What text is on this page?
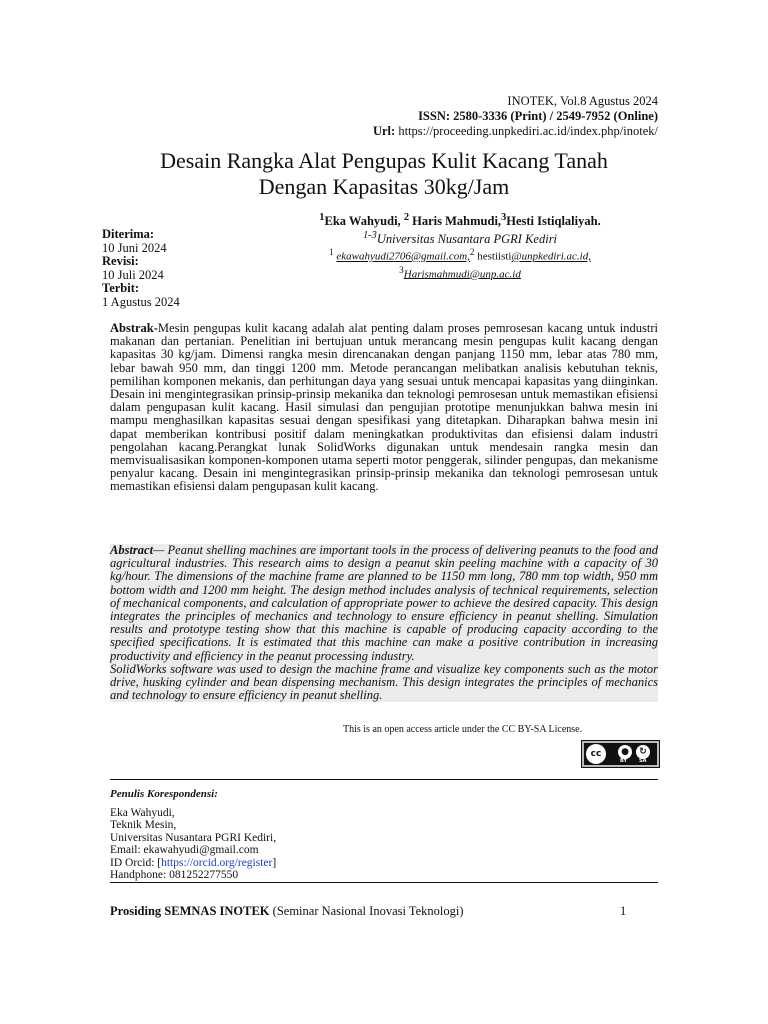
INOTEK, Vol.8 Agustus 2024
ISSN: 2580-3336 (Print) / 2549-7952 (Online)
Url: https://proceeding.unpkediri.ac.id/index.php/inotek/
Desain Rangka Alat Pengupas Kulit Kacang Tanah
Dengan Kapasitas 30kg/Jam
$^1$Eka Wahyudi, $^2$ Haris Mahmudi,$^3$Hesti Istiqlaliyah.
$^{1-3}$Universitas Nusantara PGRI Kediri
$^1$ ekawahyudi2706@gmail.com,$^2$ hestiisti@unpkediri.ac.id,
$^3$Harismahmudi@unp.ac.id
Diterima:
10 Juni 2024
Revisi:
10 Juli 2024
Terbit:
1 Agustus 2024
Abstrak-Mesin pengupas kulit kacang adalah alat penting dalam proses pemrosesan kacang untuk industri makanan dan pertanian. Penelitian ini bertujuan untuk merancang mesin pengupas kulit kacang dengan kapasitas 30 kg/jam. Dimensi rangka mesin direncanakan dengan panjang 1150 mm, lebar atas 780 mm, lebar bawah 950 mm, dan tinggi 1200 mm. Metode perancangan melibatkan analisis kebutuhan teknis, pemilihan komponen mekanis, dan perhitungan daya yang sesuai untuk mencapai kapasitas yang diinginkan. Desain ini mengintegrasikan prinsip-prinsip mekanika dan teknologi pemrosesan untuk memastikan efisiensi dalam pengupasan kulit kacang. Hasil simulasi dan pengujian prototipe menunjukkan bahwa mesin ini mampu menghasilkan kapasitas sesuai dengan spesifikasi yang ditetapkan. Diharapkan bahwa mesin ini dapat memberikan kontribusi positif dalam meningkatkan produktivitas dan efisiensi dalam industri pengolahan kacang.Perangkat lunak SolidWorks digunakan untuk mendesain rangka mesin dan memvisualisasikan komponen-komponen utama seperti motor penggerak, silinder pengupas, dan mekanisme penyalur kacang. Desain ini mengintegrasikan prinsip-prinsip mekanika dan teknologi pemrosesan untuk memastikan efisiensi dalam pengupasan kulit kacang.
Abstract— Peanut shelling machines are important tools in the process of delivering peanuts to the food and agricultural industries. This research aims to design a peanut skin peeling machine with a capacity of 30 kg/hour. The dimensions of the machine frame are planned to be 1150 mm long, 780 mm top width, 950 mm bottom width and 1200 mm height. The design method includes analysis of technical requirements, selection of mechanical components, and calculation of appropriate power to achieve the desired capacity. This design integrates the principles of mechanics and technology to ensure efficiency in peanut shelling. Simulation results and prototype testing show that this machine is capable of producing capacity according to the specified specifications. It is estimated that this machine can make a positive contribution in increasing productivity and efficiency in the peanut processing industry.
SolidWorks software was used to design the machine frame and visualize key components such as the motor drive, husking cylinder and bean dispensing mechanism. This design integrates the principles of mechanics and technology to ensure efficiency in peanut shelling.
This is an open access article under the CC BY-SA License.
cc	●	↻
BY SA
Penulis Korespondensi:
Eka Wahyudi,
Teknik Mesin,
Universitas Nusantara PGRI Kediri,
Email: ekawahyudi@gmail.com
ID Orcid: [https://orcid.org/register]
Handphone: 081252277550
Prosiding SEMNAS INOTEK (Seminar Nasional Inovasi Teknologi)	1
